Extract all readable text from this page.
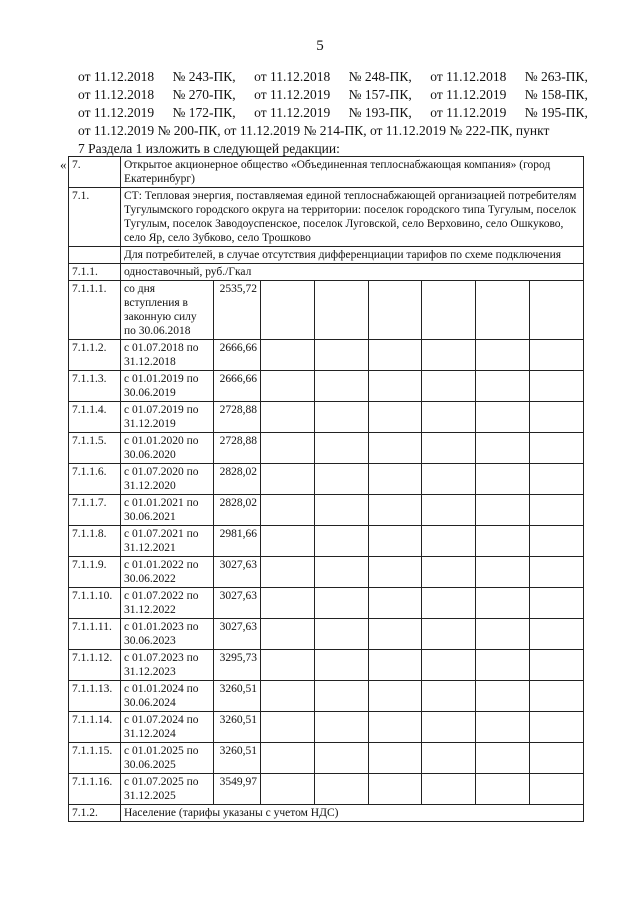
5
от 11.12.2018 № 243-ПК, от 11.12.2018 № 248-ПК, от 11.12.2018 № 263-ПК,
от 11.12.2018 № 270-ПК, от 11.12.2019 № 157-ПК, от 11.12.2019 № 158-ПК,
от 11.12.2019 № 172-ПК, от 11.12.2019 № 193-ПК, от 11.12.2019 № 195-ПК,
от 11.12.2019 № 200-ПК, от 11.12.2019 № 214-ПК, от 11.12.2019 № 222-ПК, пункт
7 Раздела 1 изложить в следующей редакции:
« 7.	Открытое акционерное общество «Объединенная теплоснабжающая компания» (город Екатеринбург)							
7.1.	СТ: Тепловая энергия, поставляемая единой теплоснабжающей организацией потребителям Тугулымского городского округа на территории: поселок городского типа Тугулым, поселок Тугулым, поселок Заводоуспенское, поселок Луговской, село Верховино, село Ошкуково, село Яр, село Зубково, село Трошково							
	Для потребителей, в случае отсутствия дифференциации тарифов по схеме подключения							
7.1.1.	одноставочный, руб./Гкал							
7.1.1.1.	со дня вступления в законную силу по 30.06.2018	2535,72						
7.1.1.2.	с 01.07.2018 по 31.12.2018	2666,66						
7.1.1.3.	с 01.01.2019 по 30.06.2019	2666,66						
7.1.1.4.	с 01.07.2019 по 31.12.2019	2728,88						
7.1.1.5.	с 01.01.2020 по 30.06.2020	2728,88						
7.1.1.6.	с 01.07.2020 по 31.12.2020	2828,02						
7.1.1.7.	с 01.01.2021 по 30.06.2021	2828,02						
7.1.1.8.	с 01.07.2021 по 31.12.2021	2981,66						
7.1.1.9.	с 01.01.2022 по 30.06.2022	3027,63						
7.1.1.10.	с 01.07.2022 по 31.12.2022	3027,63						
7.1.1.11.	с 01.01.2023 по 30.06.2023	3027,63						
7.1.1.12.	с 01.07.2023 по 31.12.2023	3295,73						
7.1.1.13.	с 01.01.2024 по 30.06.2024	3260,51						
7.1.1.14.	с 01.07.2024 по 31.12.2024	3260,51						
7.1.1.15.	с 01.01.2025 по 30.06.2025	3260,51						
7.1.1.16.	с 01.07.2025 по 31.12.2025	3549,97						
7.1.2.	Население (тарифы указаны с учетом НДС)							
